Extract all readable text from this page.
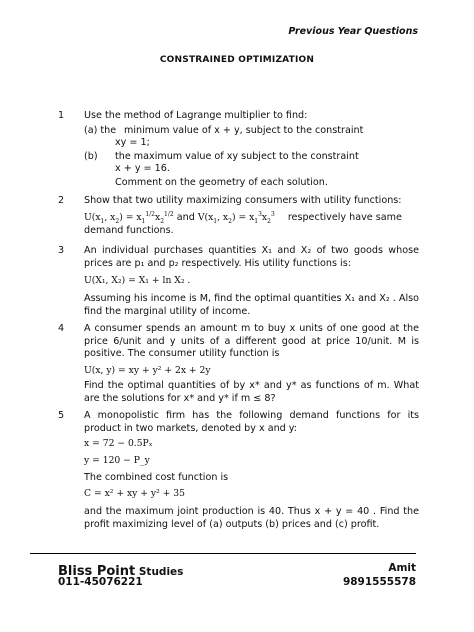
Previous Year Questions
CONSTRAINED OPTIMIZATION
1 Use the method of Lagrange multiplier to find:
(a) the minimum value of x + y, subject to the constraint
xy = 1;
(b) the maximum value of xy subject to the constraint
x + y = 16.
Comment on the geometry of each solution.
2 Show that two utility maximizing consumers with utility functions:
$U(x_1$, $x_2) = x_1^{1/2}x_2^{1/2}$ and $V(x_1$, $x_2) = x_1^3x_2^3$ respectively have same demand functions.
3 An individual purchases quantities X₁ and X₂ of two goods whose prices are p₁ and p₂ respectively. His utility functions is:
U(X₁, X₂) = X₁ + ln X₂ .
Assuming his income is M, find the optimal quantities X₁ and X₂ . Also find the marginal utility of income.
4 A consumer spends an amount m to buy x units of one good at the price 6/unit and y units of a different good at price 10/unit. M is positive. The consumer utility function is
U(x, y) = xy + y² + 2x + 2y
Find the optimal quantities of by x* and y* as functions of m. What are the solutions for x* and y* if m ≤ 8?
5 A monopolistic firm has the following demand functions for its product in two markets, denoted by x and y:
x = 72 − 0.5Pₓ
y = 120 − P_y
The combined cost function is
C = x² + xy + y² + 35
and the maximum joint production is 40. Thus x + y = 40 . Find the profit maximizing level of (a) outputs (b) prices and (c) profit.
Bliss Point Studies
011-45076221
Amit
9891555578
